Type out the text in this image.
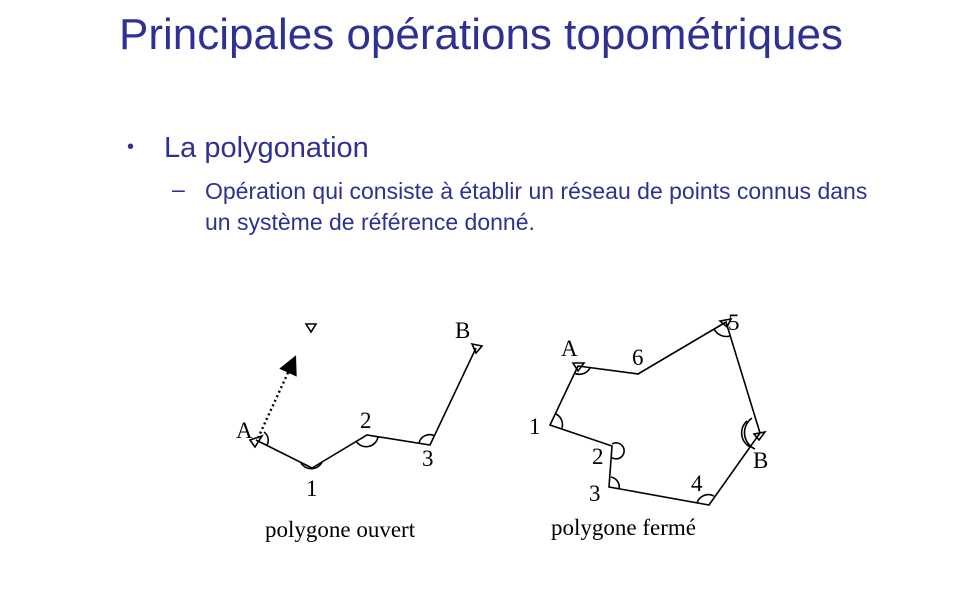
Principales opérations topométriques
• La polygonation
– Opération qui consiste à établir un réseau de points connus dans un système de référence donné.
A
1
2
3
B
polygone ouvert
A 6
5
1
2
3	4
B
polygone fermé
